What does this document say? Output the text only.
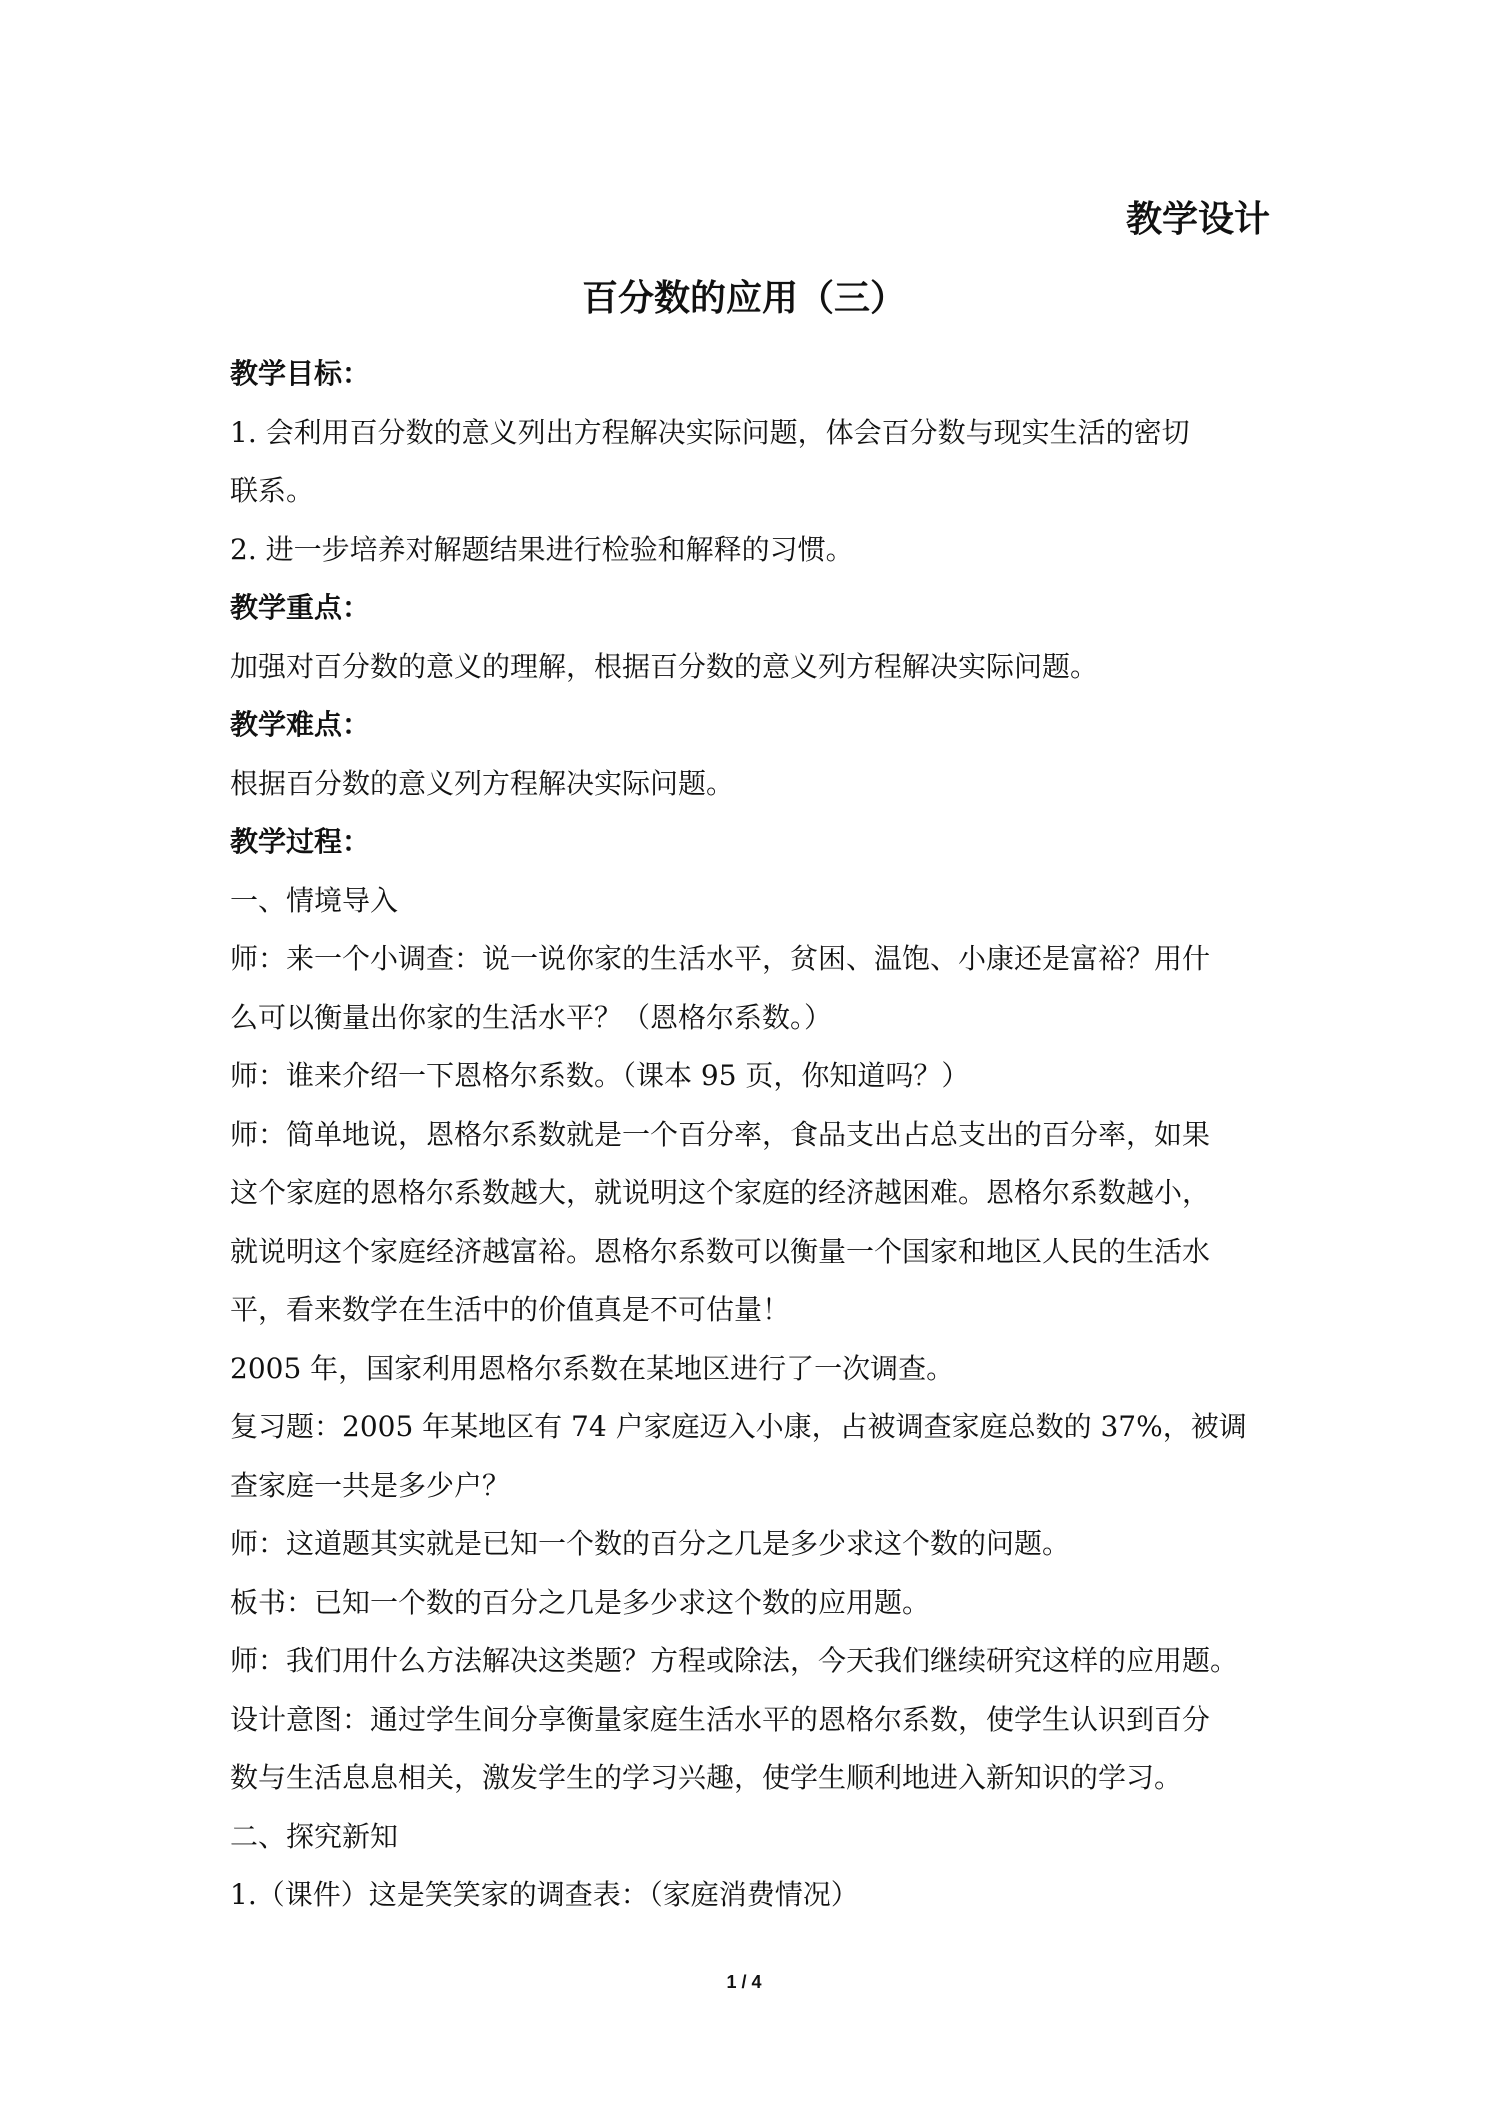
教学设计
百分数的应用（三）

教学目标：

1. 会利用百分数的意义列出方程解决实际问题，体会百分数与现实生活的密切

联系。

2. 进一步培养对解题结果进行检验和解释的习惯。

教学重点：

加强对百分数的意义的理解，根据百分数的意义列方程解决实际问题。

教学难点：

根据百分数的意义列方程解决实际问题。

教学过程：

一、情境导入

师：来一个小调查：说一说你家的生活水平，贫困、温饱、小康还是富裕？用什

么可以衡量出你家的生活水平？（恩格尔系数。）

师：谁来介绍一下恩格尔系数。（课本 95 页，你知道吗？）

师：简单地说，恩格尔系数就是一个百分率，食品支出占总支出的百分率，如果

这个家庭的恩格尔系数越大，就说明这个家庭的经济越困难。恩格尔系数越小，

就说明这个家庭经济越富裕。恩格尔系数可以衡量一个国家和地区人民的生活水

平，看来数学在生活中的价值真是不可估量！

2005 年，国家利用恩格尔系数在某地区进行了一次调查。

复习题：2005 年某地区有 74 户家庭迈入小康，占被调查家庭总数的 37%，被调

查家庭一共是多少户？

师：这道题其实就是已知一个数的百分之几是多少求这个数的问题。

板书：已知一个数的百分之几是多少求这个数的应用题。

师：我们用什么方法解决这类题？方程或除法，今天我们继续研究这样的应用题。

设计意图：通过学生间分享衡量家庭生活水平的恩格尔系数，使学生认识到百分

数与生活息息相关，激发学生的学习兴趣，使学生顺利地进入新知识的学习。

二、探究新知

1.（课件）这是笑笑家的调查表：（家庭消费情况）

1 / 4
